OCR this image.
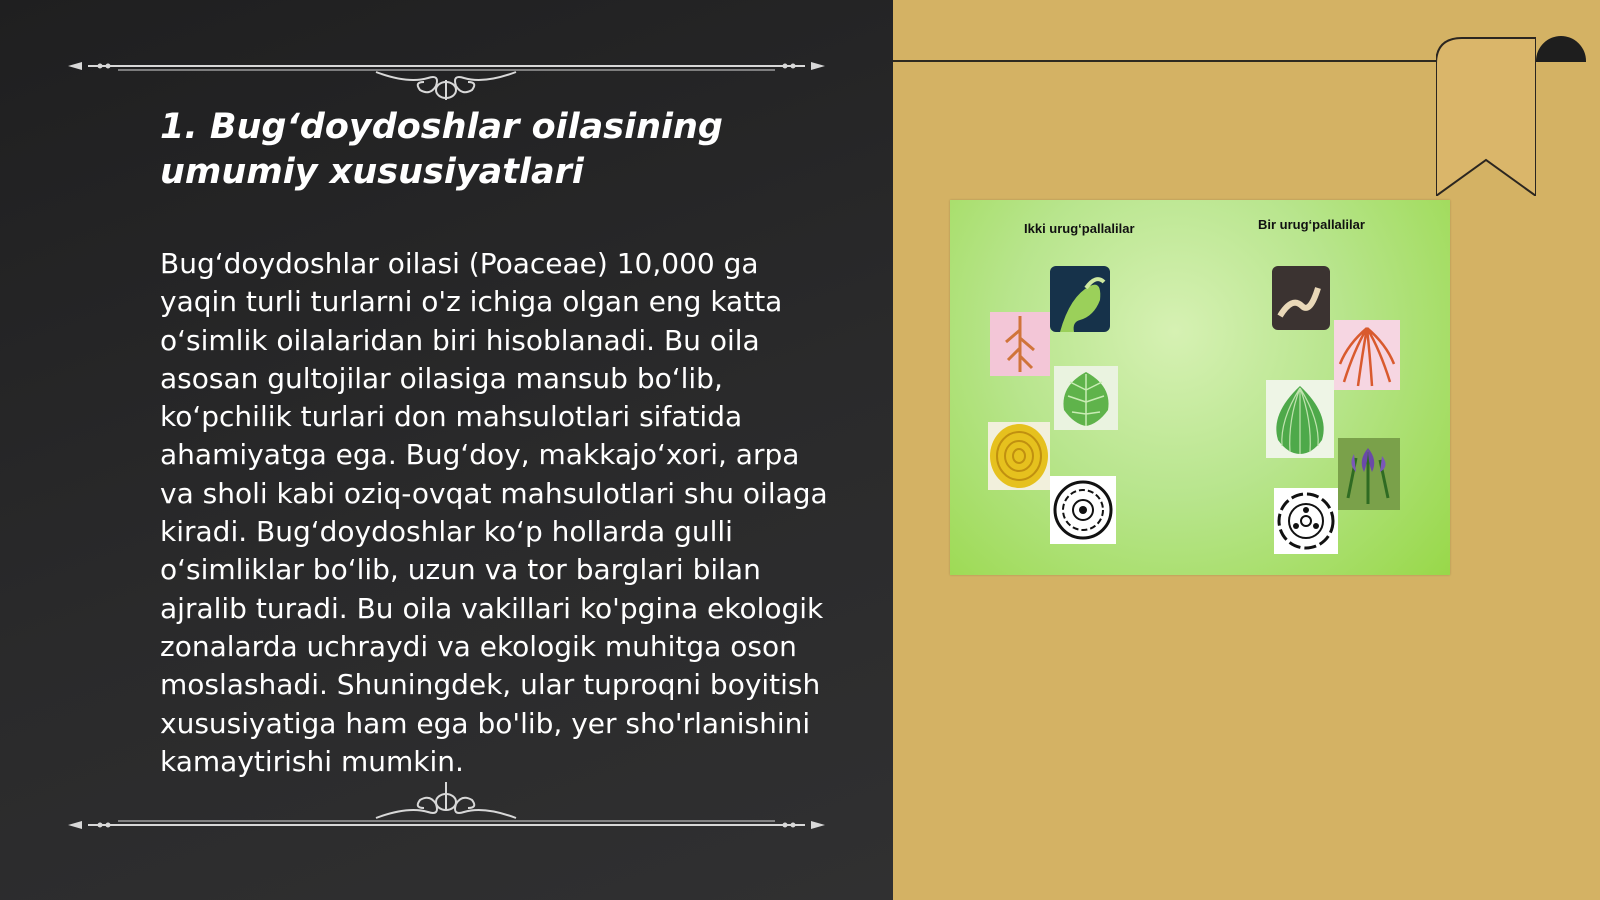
1. Bug‘doydoshlar oilasining umumiy xususiyatlari
Bug‘doydoshlar oilasi (Poaceae) 10,000 ga yaqin turli turlarni o'z ichiga olgan eng katta o‘simlik oilalaridan biri hisoblanadi. Bu oila asosan gultojilar oilasiga mansub bo‘lib, ko‘pchilik turlari don mahsulotlari sifatida ahamiyatga ega. Bug‘doy, makkajo‘xori, arpa va sholi kabi oziq-ovqat mahsulotlari shu oilaga kiradi. Bug‘doydoshlar ko‘p hollarda gulli o‘simliklar bo‘lib, uzun va tor barglari bilan ajralib turadi. Bu oila vakillari ko'pgina ekologik zonalarda uchraydi va ekologik muhitga oson moslashadi. Shuningdek, ular tuproqni boyitish xususiyatiga ham ega bo'lib, yer sho'rlanishini kamaytirishi mumkin.
Ikki urug‘pallalilar	Bir urug‘pallalilar
